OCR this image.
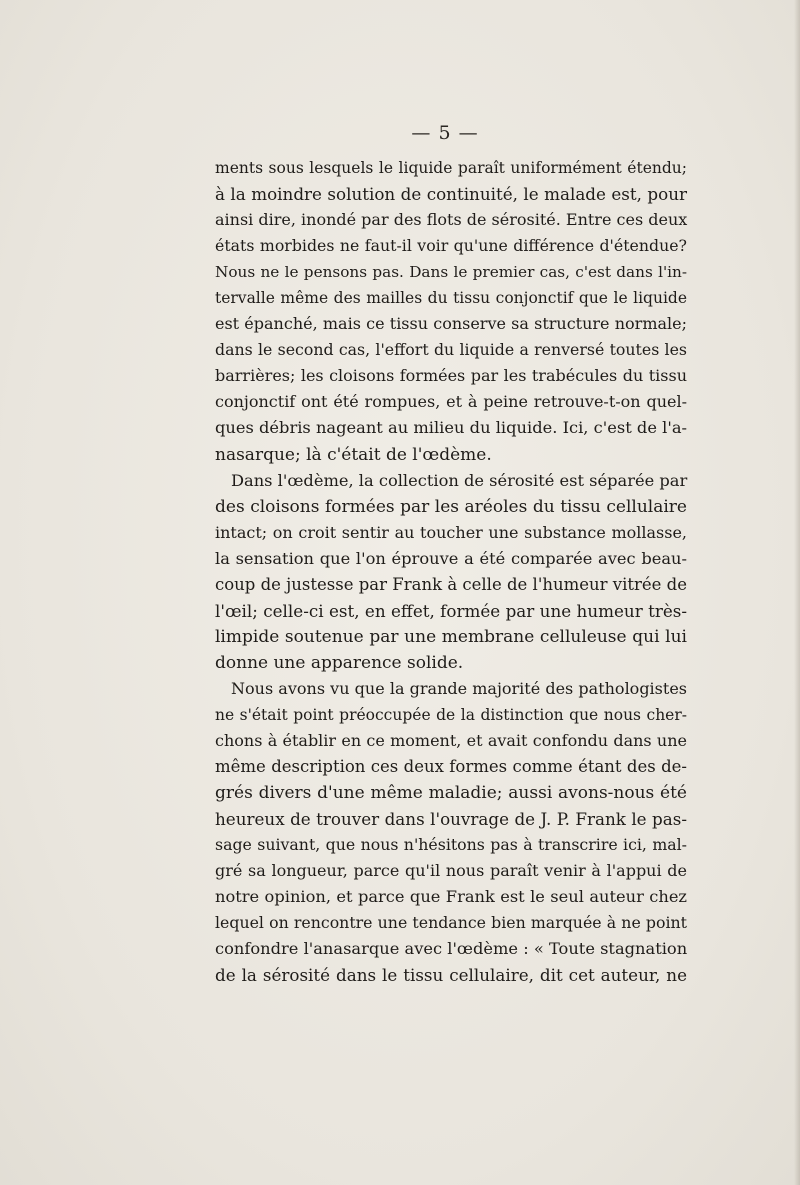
— 5 —
ments sous lesquels le liquide paraît uniformément étendu;
à la moindre solution de continuité, le malade est, pour
ainsi dire, inondé par des flots de sérosité. Entre ces deux
états morbides ne faut-il voir qu'une différence d'étendue?
Nous ne le pensons pas. Dans le premier cas, c'est dans l'in-
tervalle même des mailles du tissu conjonctif que le liquide
est épanché, mais ce tissu conserve sa structure normale;
dans le second cas, l'effort du liquide a renversé toutes les
barrières; les cloisons formées par les trabécules du tissu
conjonctif ont été rompues, et à peine retrouve-t-on quel-
ques débris nageant au milieu du liquide. Ici, c'est de l'a-
nasarque; là c'était de l'œdème.
Dans l'œdème, la collection de sérosité est séparée par
des cloisons formées par les aréoles du tissu cellulaire
intact; on croit sentir au toucher une substance mollasse,
la sensation que l'on éprouve a été comparée avec beau-
coup de justesse par Frank à celle de l'humeur vitrée de
l'œil; celle-ci est, en effet, formée par une humeur très-
limpide soutenue par une membrane celluleuse qui lui
donne une apparence solide.
Nous avons vu que la grande majorité des pathologistes
ne s'était point préoccupée de la distinction que nous cher-
chons à établir en ce moment, et avait confondu dans une
même description ces deux formes comme étant des de-
grés divers d'une même maladie; aussi avons-nous été
heureux de trouver dans l'ouvrage de J. P. Frank le pas-
sage suivant, que nous n'hésitons pas à transcrire ici, mal-
gré sa longueur, parce qu'il nous paraît venir à l'appui de
notre opinion, et parce que Frank est le seul auteur chez
lequel on rencontre une tendance bien marquée à ne point
confondre l'anasarque avec l'œdème : « Toute stagnation
de la sérosité dans le tissu cellulaire, dit cet auteur, ne
